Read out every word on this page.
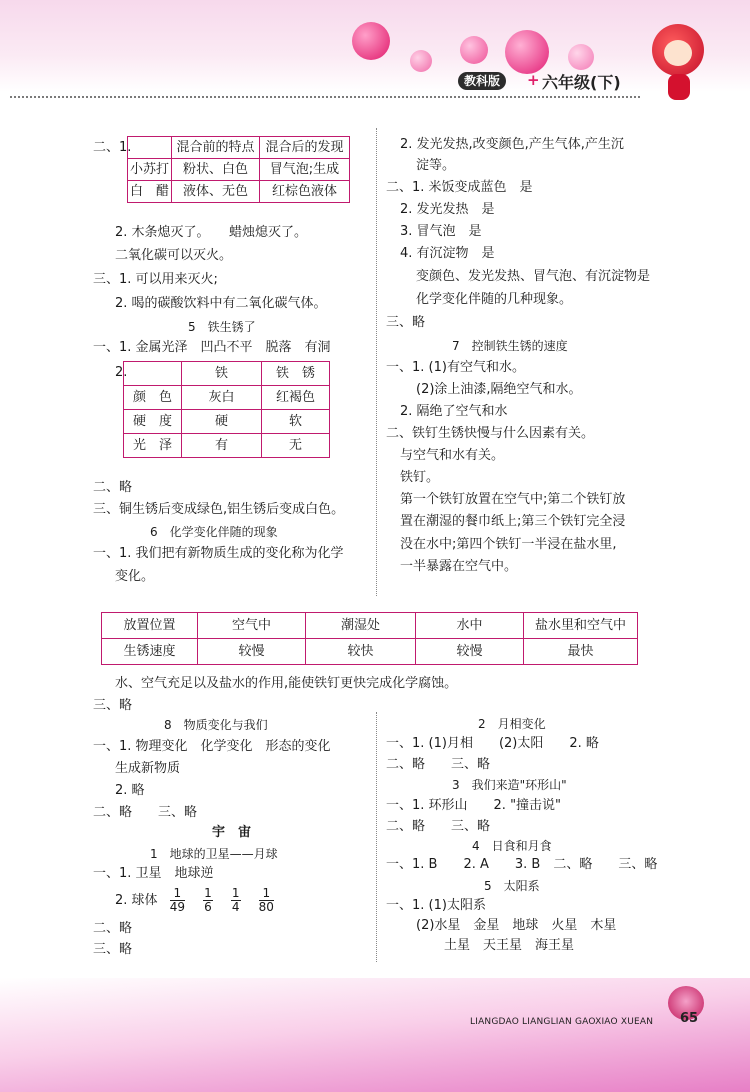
教科版	+ 六年级(下)
二、1.
		混合前的特点	混合后的发现
小苏打	粉状、白色	冒气泡;生成
白　醋	液体、无色	红棕色液体
2. 木条熄灭了。　　蜡烛熄灭了。
二氧化碳可以灭火。
三、1. 可以用来灭火;
2. 喝的碳酸饮料中有二氧化碳气体。
5　铁生锈了
一、1. 金属光泽　凹凸不平　脱落　有洞
2.
		铁	铁　锈
颜　色	灰白	红褐色
硬　度	硬	软
光　泽	有	无
二、略
三、铜生锈后变成绿色,铝生锈后变成白色。
6　化学变化伴随的现象
一、1. 我们把有新物质生成的变化称为化学
变化。
2. 发光发热,改变颜色,产生气体,产生沉
淀等。
二、1. 米饭变成蓝色　是
2. 发光发热　是
3. 冒气泡　是
4. 有沉淀物　是
变颜色、发光发热、冒气泡、有沉淀物是
化学变化伴随的几种现象。
三、略
7　控制铁生锈的速度
一、1. (1)有空气和水。
(2)涂上油漆,隔绝空气和水。
2. 隔绝了空气和水
二、铁钉生锈快慢与什么因素有关。
与空气和水有关。
铁钉。
第一个铁钉放置在空气中;第二个铁钉放
置在潮湿的餐巾纸上;第三个铁钉完全浸
没在水中;第四个铁钉一半浸在盐水里,
一半暴露在空气中。
放置位置	空气中	潮湿处	水中	盐水里和空气中
生锈速度	较慢	较快	较慢	最快
水、空气充足以及盐水的作用,能使铁钉更快完成化学腐蚀。
三、略
8　物质变化与我们
一、1. 物理变化　化学变化　形态的变化
生成新物质
2. 略
二、略　　三、略
宇　宙
1　地球的卫星——月球
一、1. 卫星　地球逆
2. 球体 $\frac{1}{49}$
$\frac{1}{6}$
$\frac{1}{4}$
$\frac{1}{80}$
二、略
三、略
2　月相变化
一、1. (1)月相　　(2)太阳　　2. 略
二、略　　三、略
3　我们来造"环形山"
一、1. 环形山　　2. "撞击说"
二、略　　三、略
4　日食和月食
一、1. B　　2. A　　3. B　二、略　　三、略
5　太阳系
一、1. (1)太阳系
(2)水星　金星　地球　火星　木星
土星　天王星　海王星
65
LIANGDAO LIANGLIAN GAOXIAO XUEAN
